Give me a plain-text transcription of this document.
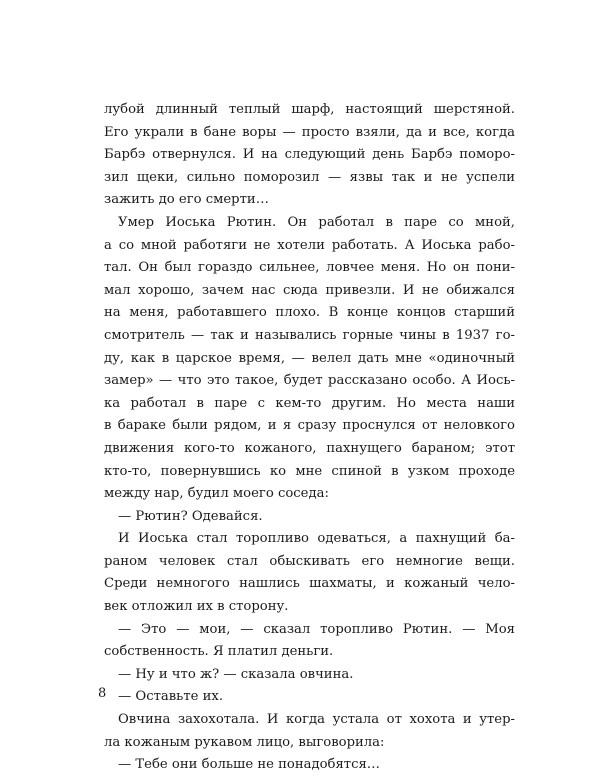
лубой длинный теплый шарф, настоящий шерстяной.
Его украли в бане воры — просто взяли, да и все, когда
Барбэ отвернулся. И на следующий день Барбэ поморо-
зил щеки, сильно поморозил — язвы так и не успели
зажить до его смерти…
Умер Иоська Рютин. Он работал в паре со мной,
а со мной работяги не хотели работать. А Иоська рабо-
тал. Он был гораздо сильнее, ловчее меня. Но он пони-
мал хорошо, зачем нас сюда привезли. И не обижался
на меня, работавшего плохо. В конце концов старший
смотритель — так и назывались горные чины в 1937 го-
ду, как в царское время, — велел дать мне «одиночный
замер» — что это такое, будет рассказано особо. А Иось-
ка работал в паре с кем-то другим. Но места наши
в бараке были рядом, и я сразу проснулся от неловкого
движения кого-то кожаного, пахнущего бараном; этот
кто-то, повернувшись ко мне спиной в узком проходе
между нар, будил моего соседа:
— Рютин? Одевайся.
И Иоська стал торопливо одеваться, а пахнущий ба-
раном человек стал обыскивать его немногие вещи.
Среди немногого нашлись шахматы, и кожаный чело-
век отложил их в сторону.
— Это — мои, — сказал торопливо Рютин. — Моя
собственность. Я платил деньги.
— Ну и что ж? — сказала овчина.
— Оставьте их.
Овчина захохотала. И когда устала от хохота и утер-
ла кожаным рукавом лицо, выговорила:
— Тебе они больше не понадобятся…
8
